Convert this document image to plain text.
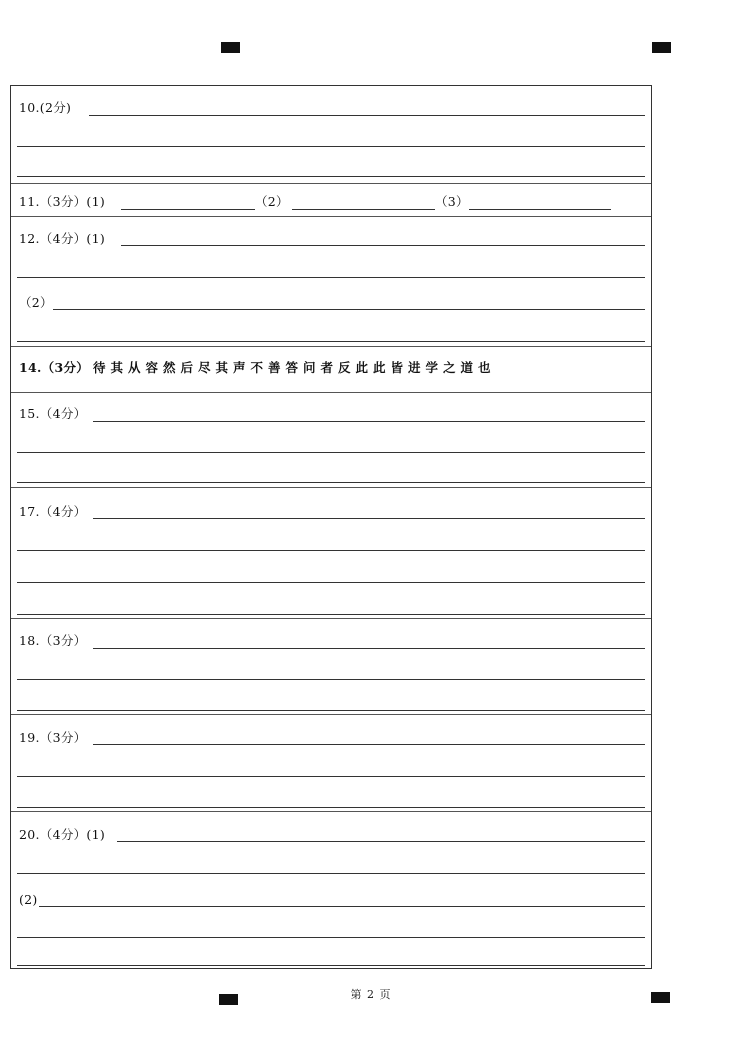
10.(2分)
11.（3分）(1)	（2）	（3）
12.（4分）(1)
（2）
14.（3分） 待其从容然后尽其声不善答问者反此此皆进学之道也
15.（4分）
17.（4分）
18.（3分）
19.（3分）
20.（4分）(1)
(2)
第 2 页
